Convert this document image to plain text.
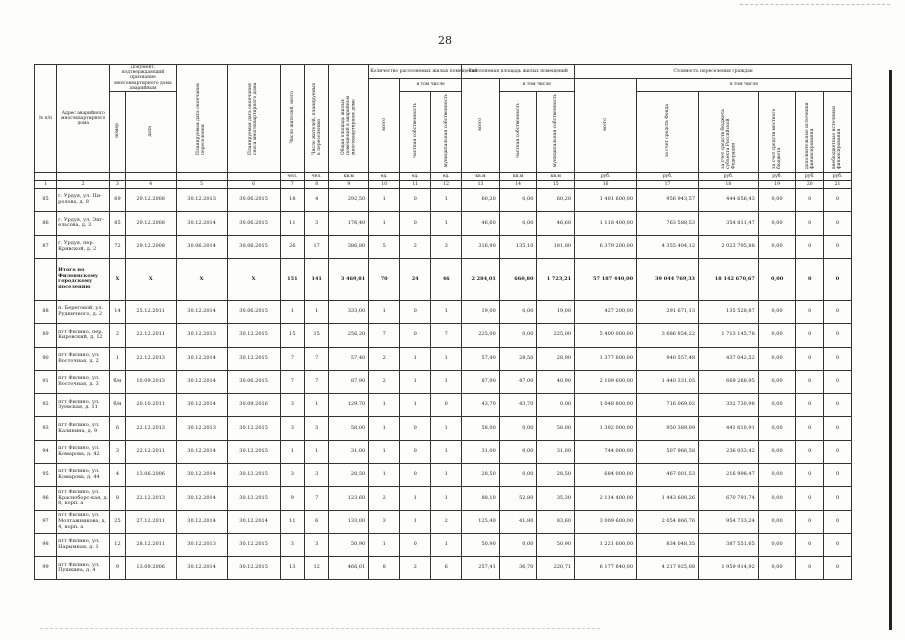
28
№ п/п	Адрес аварийного многоквартирного дома	Документ, подтверждающий признание многоквартирного дома аварийным		Планируемая дата окончания переселения	Планируемая дата окончания сноса многоквартирного дома	Число жителей, всего	Число жителей, планируемых к переселению	Общая площадь жилых помещений в аварийном многоквартирном доме	Количество расселяемых жилых помещений			Расселяемая площадь жилых помещений			Стоимость переселения граждан					
									всего	в том числе		всего	в том числе		всего	в том числе				
		номер	дата							частная собственность	муниципальная собственность		частная собственность	муниципальная собственность		за счет средств Фонда	за счет средств бюджета субъекта Российской Федерации	за счет средств местного бюджета	дополнительные источники финансирования	внебюджетные источники финансирования

						чел.	чел.	кв.м	ед.	ед.	ед.	кв.м	кв.м	кв.м	руб.	руб.	руб.	руб.	руб.	руб.
1	2	3	4	5	6	7	8	9	10	11	12	13	14	15	16	17	18	19	20	21
85	г. Урдуя, ул. Пи-ролова, д. 8	69	29.12.2008	30.12.2013	30.06.2015	18	4	292,50	1	0	1	60,20	0,00	60,20	1 401 600,00	956 943,57	444 656,43	0,00	0	0
86	г. Урдуя, ул. Энг-ельсова, д. 3	85	29.12.2008	30.12.2014	30.06.2015	11	3	176,40	1	0	1	46,60	0,00	46,60	1 118 400,00	763 588,53	354 811,47	0,00	0	0
87	г. Урдуя, пер. Кривской, д. 2	72	29.12.2008	30.06.2014	30.06.2015	26	17	386,80	5	2	3	316,90	135,10	181,80	6 379 200,00	4 355 404,12	2 023 795,88	0,00	0	0
	Итого по Филеннскому городскому поселению	X	X	X	X	151	141	3 469,81	70	24	46	2 284,01	660,80	1 723,21	57 187 440,00	39 044 769,33	18 142 670,67	0,00	0	0
88	п. Береговой, ул. Рудничного, д. 2	14	25.12.2011	30.12.2014	30.06.2015	1	1	333,00	1	0	1	19,00	0,00	19,00	427 200,00	291 671,13	135 528,87	0,00	0	0
89	пгт Филино, пер. Кировский, д. 12	2	22.12.2011	30.12.2013	30.12.2015	15	15	256,20	7	0	7	225,00	0,00	225,00	5 400 000,00	3 686 854,22	1 713 145,78	0,00	0	0
90	пгт Филино, ул. Восточная, д. 2	1	22.12.2013	30.12.2014	30.12.2015	7	7	57,40	2	1	1	57,40	28,50	28,90	1 377 600,00	940 557,48	437 042,52	0,00	0	0
91	пгт Филино, ул. Восточная, д. 3	б/н	10.09.2013	30.12.2014	30.06.2015	7	7	87,90	2	1	1	87,90	47,00	40,90	2 109 600,00	1 440 331,05	669 268,95	0,00	0	0
92	пгт Филино, ул. Зуевская, д. 11	б/н	20.10.2011	30.12.2014	30.09.2016	3	1	129,70	1	1	0	43,70	43,70	0,00	1 048 800,00	716 069,02	332 730,98	0,00	0	0
93	пгт Филино, ул. Калинина, д. 9	6	22.12.2013	30.12.2013	30.12.2015	3	3	58,00	1	0	1	58,00	0,00	58,00	1 392 000,00	950 389,09	441 610,91	0,00	0	0
94	пгт Филино, ул. Комарова, д. 42	3	22.12.2011	30.12.2014	30.12.2015	1	1	31,00	1	0	1	31,00	0,00	31,00	744 000,00	507 966,58	236 033,42	0,00	0	0
95	пгт Филино, ул. Комарова, д. 44	4	13.06.2006	30.12.2014	30.12.2015	3	3	28,50	1	0	1	28,50	0,00	28,50	684 000,00	467 001,53	216 998,47	0,00	0	0
96	пгт Филино, ул. Красноборс-кая, д. 8, корп. а	8	22.12.2013	30.12.2014	30.12.2015	9	7	123,60	2	1	1	88,10	52,80	35,30	2 114 400,00	1 443 608,26	670 791,74	0,00	0	0
97	пгт Филино, ул. Молтажникова, д. 4, корп. а	25	27.12.2011	30.12.2014	30.12.2014	11	6	133,00	3	1	2	125,40	41,80	83,60	3 009 600,00	2 054 866,76	954 733,24	0,00	0	0
98	пгт Филино, ул. Нарымная, д. 1	12	28.12.2011	30.12.2013	30.12.2015	3	3	50,90	1	0	1	50,90	0,00	50,90	1 221 600,00	834 048,35	387 551,65	0,00	0	0
99	пгт Филино, ул. Пушкина, д. 4	9	13.09.2006	30.12.2014	30.12.2015	13	12	466,01	8	2	6	257,41	36,70	220,71	6 177 840,00	4 217 925,08	1 959 914,92	0,00	0	0
